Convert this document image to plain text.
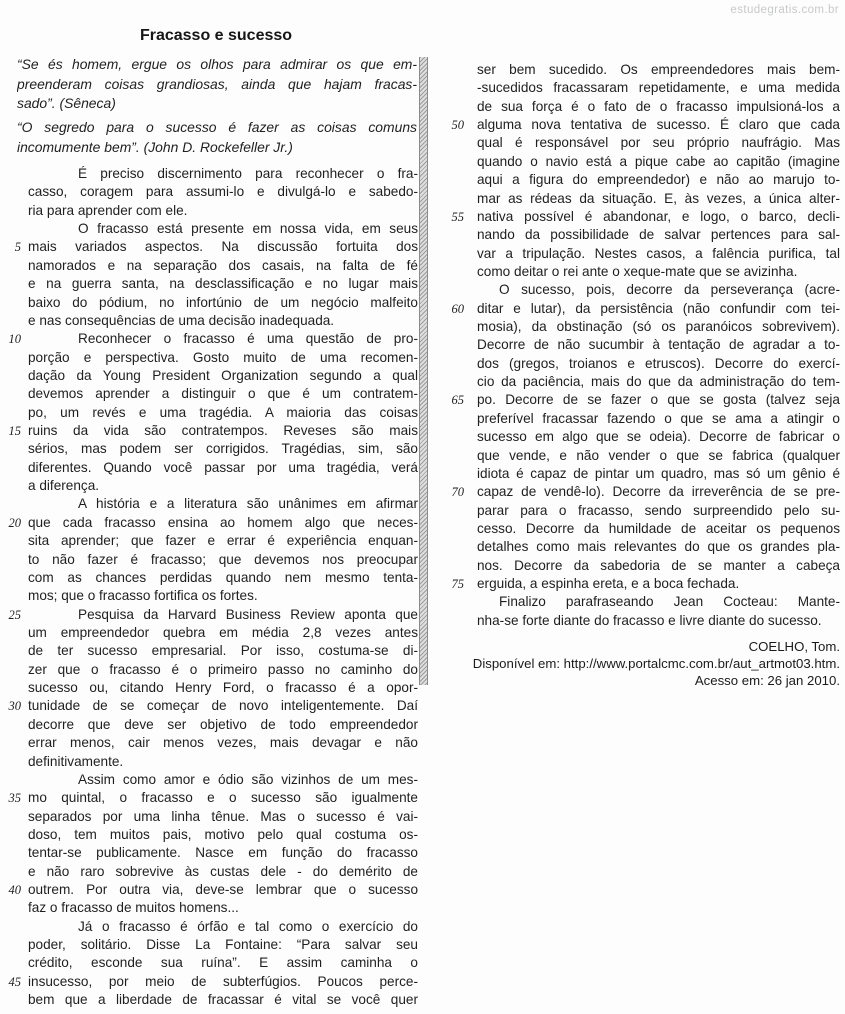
estudegratis.com.br
Fracasso e sucesso
“Se és homem, ergue os olhos para admirar os que em-
preenderam coisas grandiosas, ainda que hajam fracas-
sado”. (Sêneca)
“O segredo para o sucesso é fazer as coisas comuns
incomumente bem”. (John D. Rockefeller Jr.)
É preciso discernimento para reconhecer o fra-
casso, coragem para assumi-lo e divulgá-lo e sabedo-
ria para aprender com ele.
O fracasso está presente em nossa vida, em seus
5 mais variados aspectos. Na discussão fortuita dos
namorados e na separação dos casais, na falta de fé
e na guerra santa, na desclassificação e no lugar mais
baixo do pódium, no infortúnio de um negócio malfeito
e nas consequências de uma decisão inadequada.
10	Reconhecer o fracasso é uma questão de pro-
porção e perspectiva. Gosto muito de uma recomen-
dação da Young President Organization segundo a qual
devemos aprender a distinguir o que é um contratem-
po, um revés e uma tragédia. A maioria das coisas
15 ruins da vida são contratempos. Reveses são mais
sérios, mas podem ser corrigidos. Tragédias, sim, são
diferentes. Quando você passar por uma tragédia, verá
a diferença.
A história e a literatura são unânimes em afirmar
20 que cada fracasso ensina ao homem algo que neces-
sita aprender; que fazer e errar é experiência enquan-
to não fazer é fracasso; que devemos nos preocupar
com as chances perdidas quando nem mesmo tenta-
mos; que o fracasso fortifica os fortes.
25	Pesquisa da Harvard Business Review aponta que
um empreendedor quebra em média 2,8 vezes antes
de ter sucesso empresarial. Por isso, costuma-se di-
zer que o fracasso é o primeiro passo no caminho do
sucesso ou, citando Henry Ford, o fracasso é a opor-
30 tunidade de se começar de novo inteligentemente. Daí
decorre que deve ser objetivo de todo empreendedor
errar menos, cair menos vezes, mais devagar e não
definitivamente.
Assim como amor e ódio são vizinhos de um mes-
35 mo quintal, o fracasso e o sucesso são igualmente
separados por uma linha tênue. Mas o sucesso é vai-
doso, tem muitos pais, motivo pelo qual costuma os-
tentar-se publicamente. Nasce em função do fracasso
e não raro sobrevive às custas dele - do demérito de
40 outrem. Por outra via, deve-se lembrar que o sucesso
faz o fracasso de muitos homens...
Já o fracasso é órfão e tal como o exercício do
poder, solitário. Disse La Fontaine: “Para salvar seu
crédito, esconde sua ruína”. E assim caminha o
45 insucesso, por meio de subterfúgios. Poucos perce-
bem que a liberdade de fracassar é vital se você quer
ser bem sucedido. Os empreendedores mais bem-
-sucedidos fracassaram repetidamente, e uma medida
de sua força é o fato de o fracasso impulsioná-los a
50 alguma nova tentativa de sucesso. É claro que cada
qual é responsável por seu próprio naufrágio. Mas
quando o navio está a pique cabe ao capitão (imagine
aqui a figura do empreendedor) e não ao marujo to-
mar as rédeas da situação. E, às vezes, a única alter-
55 nativa possível é abandonar, e logo, o barco, decli-
nando da possibilidade de salvar pertences para sal-
var a tripulação. Nestes casos, a falência purifica, tal
como deitar o rei ante o xeque-mate que se avizinha.
O sucesso, pois, decorre da perseverança (acre-
60 ditar e lutar), da persistência (não confundir com tei-
mosia), da obstinação (só os paranóicos sobrevivem).
Decorre de não sucumbir à tentação de agradar a to-
dos (gregos, troianos e etruscos). Decorre do exercí-
cio da paciência, mais do que da administração do tem-
65 po. Decorre de se fazer o que se gosta (talvez seja
preferível fracassar fazendo o que se ama a atingir o
sucesso em algo que se odeia). Decorre de fabricar o
que vende, e não vender o que se fabrica (qualquer
idiota é capaz de pintar um quadro, mas só um gênio é
70 capaz de vendê-lo). Decorre da irreverência de se pre-
parar para o fracasso, sendo surpreendido pelo su-
cesso. Decorre da humildade de aceitar os pequenos
detalhes como mais relevantes do que os grandes pla-
nos. Decorre da sabedoria de se manter a cabeça
75 erguida, a espinha ereta, e a boca fechada.
Finalizo parafraseando Jean Cocteau: Mante-
nha-se forte diante do fracasso e livre diante do sucesso.
COELHO, Tom.
Disponível em: http://www.portalcmc.com.br/aut_artmot03.htm.
Acesso em: 26 jan 2010.
